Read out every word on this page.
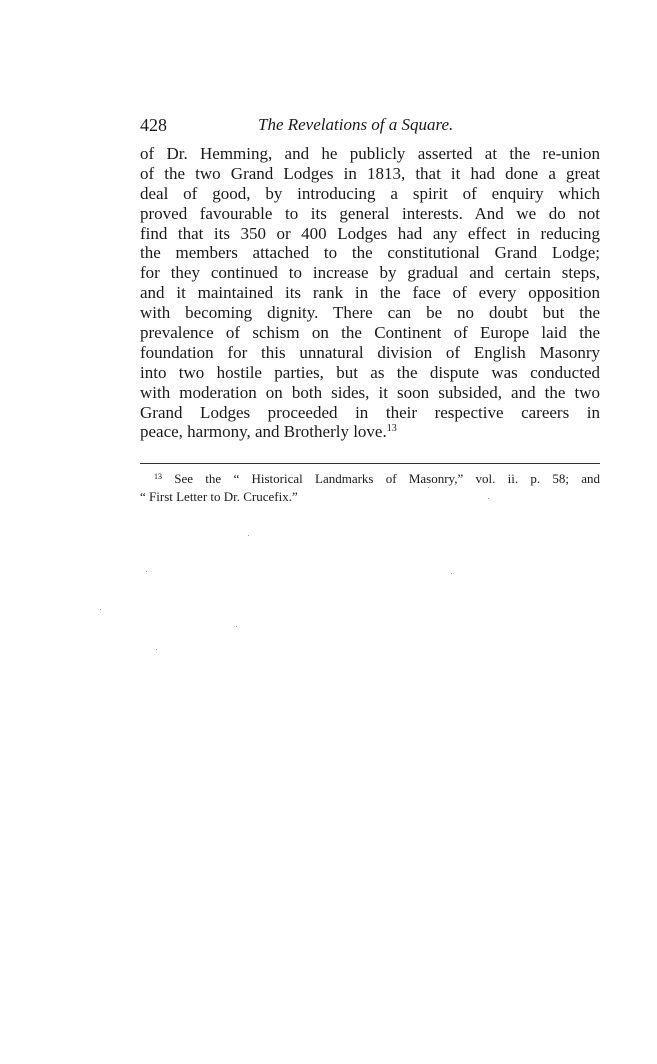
428	The Revelations of a Square.
of Dr. Hemming, and he publicly asserted at the re-union
of the two Grand Lodges in 1813, that it had done a great
deal of good, by introducing a spirit of enquiry which
proved favourable to its general interests. And we do not
find that its 350 or 400 Lodges had any effect in reducing
the members attached to the constitutional Grand Lodge;
for they continued to increase by gradual and certain steps,
and it maintained its rank in the face of every opposition
with becoming dignity. There can be no doubt but the
prevalence of schism on the Continent of Europe laid the
foundation for this unnatural division of English Masonry
into two hostile parties, but as the dispute was conducted
with moderation on both sides, it soon subsided, and the two
Grand Lodges proceeded in their respective careers in
peace, harmony, and Brotherly love.$^{13}$
$^{13}$ See the “ Historical Landmarks of Masonry,” vol. ii. p. 58; and
“ First Letter to Dr. Crucefix.”
